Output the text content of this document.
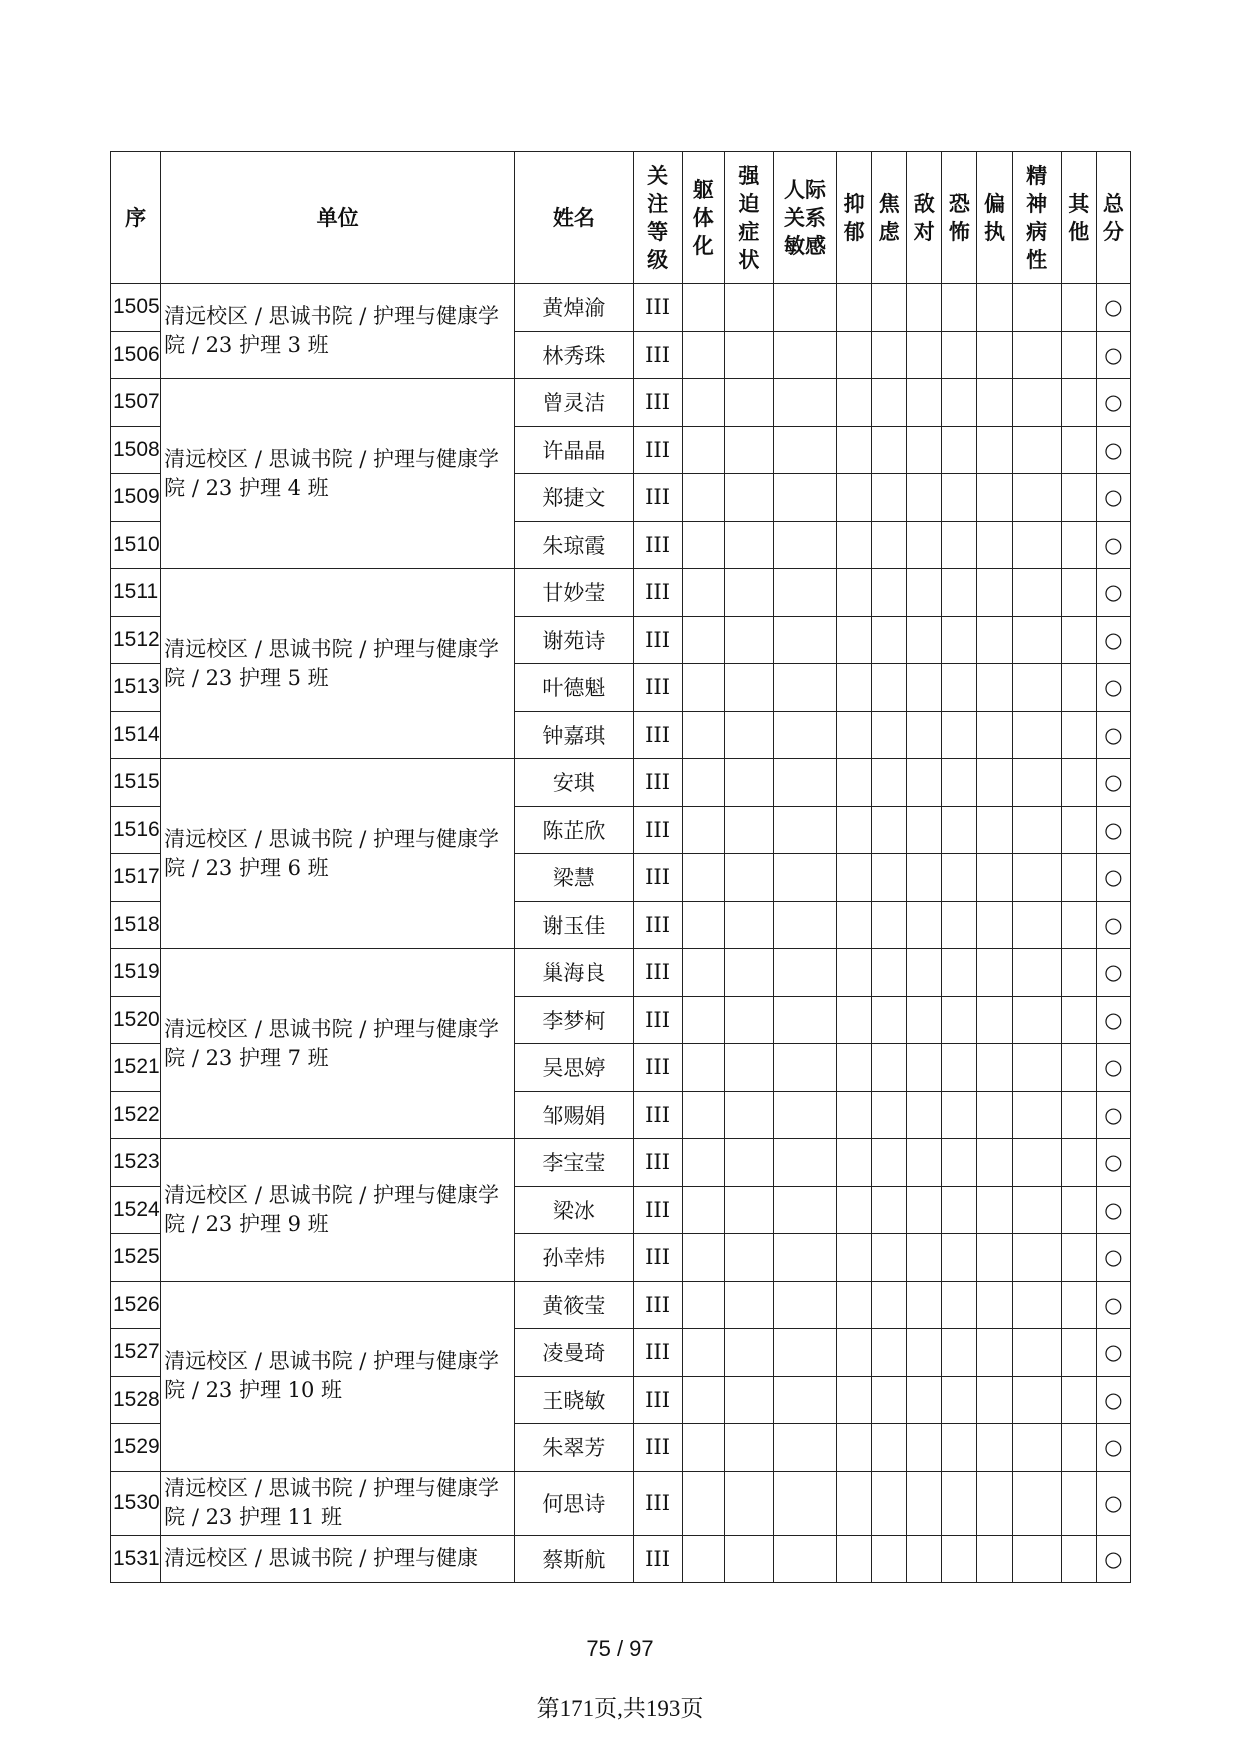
序	单位	姓名	关注等级	躯体化	强迫症状	人际关系敏感	抑郁	焦虑	敌对	恐怖	偏执	精神病性	其他	总分
1505	清远校区 / 思诚书院 / 护理与健康学院 / 23 护理 3 班	黄焯渝	III											○
1506		林秀珠	III											○
1507	清远校区 / 思诚书院 / 护理与健康学院 / 23 护理 4 班	曾灵洁	III											○
1508		许晶晶	III											○
1509		郑捷文	III											○
1510		朱琼霞	III											○
1511	清远校区 / 思诚书院 / 护理与健康学院 / 23 护理 5 班	甘妙莹	III											○
1512		谢苑诗	III											○
1513		叶德魁	III											○
1514		钟嘉琪	III											○
1515	清远校区 / 思诚书院 / 护理与健康学院 / 23 护理 6 班	安琪	III											○
1516		陈芷欣	III											○
1517		梁慧	III											○
1518		谢玉佳	III											○
1519	清远校区 / 思诚书院 / 护理与健康学院 / 23 护理 7 班	巢海良	III											○
1520		李梦柯	III											○
1521		吴思婷	III											○
1522		邹赐娟	III											○
1523	清远校区 / 思诚书院 / 护理与健康学院 / 23 护理 9 班	李宝莹	III											○
1524		梁冰	III											○
1525		孙幸炜	III											○
1526	清远校区 / 思诚书院 / 护理与健康学院 / 23 护理 10 班	黄筱莹	III											○
1527		凌曼琦	III											○
1528		王晓敏	III											○
1529		朱翠芳	III											○
1530	清远校区 / 思诚书院 / 护理与健康学院 / 23 护理 11 班	何思诗	III											○
1531	清远校区 / 思诚书院 / 护理与健康	蔡斯航	III											○
75 / 97
第171页,共193页
